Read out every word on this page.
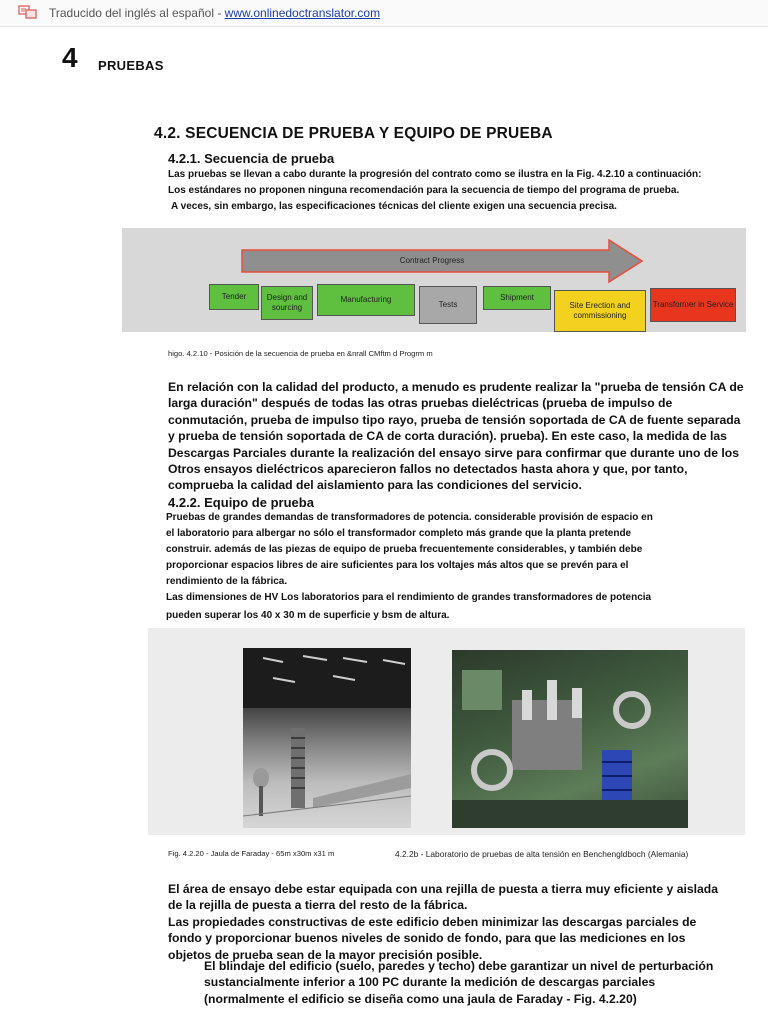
Traducido del inglés al español - www.onlinedoctranslator.com
4 PRUEBAS
4.2. SECUENCIA DE PRUEBA Y EQUIPO DE PRUEBA
4.2.1. Secuencia de prueba
Las pruebas se llevan a cabo durante la progresión del contrato como se ilustra en la Fig. 4.2.10 a continuación:
Los estándares no proponen ninguna recomendación para la secuencia de tiempo del programa de prueba.
A veces, sin embargo, las especificaciones técnicas del cliente exigen una secuencia precisa.
Contract Progress
Tender	Design and sourcing
Manufacturing
Tests
Shipment
Site Erection and commissioning
Transformer in Service
higo. 4.2.10 - Posición de la secuencia de prueba en &nrall CMftm d Progrm m
En relación con la calidad del producto, a menudo es prudente realizar la "prueba de tensión CA de
larga duración" después de todas las otras pruebas dieléctricas (prueba de impulso de
conmutación, prueba de impulso tipo rayo, prueba de tensión soportada de CA de fuente separada
y prueba de tensión soportada de CA de corta duración). prueba). En este caso, la medida de las
Descargas Parciales durante la realización del ensayo sirve para confirmar que durante uno de los
Otros ensayos dieléctricos aparecieron fallos no detectados hasta ahora y que, por tanto,
comprueba la calidad del aislamiento para las condiciones del servicio.
4.2.2. Equipo de prueba
Pruebas de grandes demandas de transformadores de potencia. considerable provisión de espacio en
el laboratorio para albergar no sólo el transformador completo más grande que la planta pretende
construir. además de las piezas de equipo de prueba frecuentemente considerables, y también debe
proporcionar espacios libres de aire suficientes para los voltajes más altos que se prevén para el
rendimiento de la fábrica.
Las dimensiones de HV Los laboratorios para el rendimiento de grandes transformadores de potencia
pueden superar los 40 x 30 m de superficie y bsm de altura.
Fig. 4.2.20 - Jaula de Faraday - 65m x30m x31 m	4.2.2b - Laboratorio de pruebas de alta tensión en Benchengldboch (Alemania)
El área de ensayo debe estar equipada con una rejilla de puesta a tierra muy eficiente y aislada
de la rejilla de puesta a tierra del resto de la fábrica.
Las propiedades constructivas de este edificio deben minimizar las descargas parciales de
fondo y proporcionar buenos niveles de sonido de fondo, para que las mediciones en los
objetos de prueba sean de la mayor precisión posible.
El blindaje del edificio (suelo, paredes y techo) debe garantizar un nivel de perturbación
sustancialmente inferior a 100 PC durante la medición de descargas parciales
(normalmente el edificio se diseña como una jaula de Faraday - Fig. 4.2.20)
